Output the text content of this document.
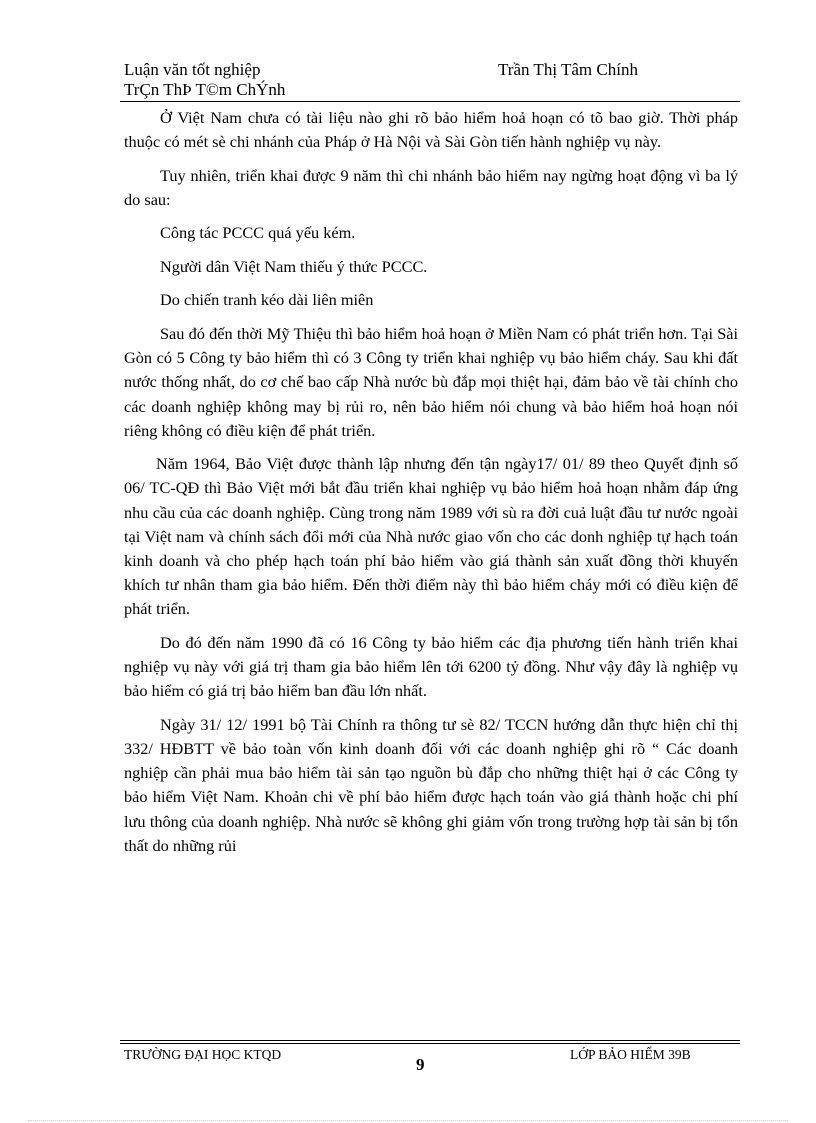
Luận văn tốt nghiệp	Trần Thị Tâm Chính
TrÇn ThÞ T©m ChÝnh

Ở Việt Nam chưa có tài liệu nào ghi rõ bảo hiểm hoả hoạn có tõ bao giờ. Thời pháp thuộc có mét sè chi nhánh của Pháp ở Hà Nội và Sài Gòn tiến hành nghiệp vụ này.

Tuy nhiên, triển khai được 9 năm thì chi nhánh bảo hiểm nay ngừng hoạt động vì ba lý do sau:

Công tác PCCC quá yếu kém.

Người dân Việt Nam thiếu ý thức PCCC.

Do chiến tranh kéo dài liên miên

Sau đó đến thời Mỹ Thiệu thì bảo hiểm hoả hoạn ở Miền Nam có phát triển hơn. Tại Sài Gòn có 5 Công ty bảo hiểm thì có 3 Công ty triển khai nghiệp vụ bảo hiểm cháy. Sau khi đất nước thống nhất, do cơ chế bao cấp Nhà nước bù đắp mọi thiệt hại, đảm bảo về tài chính cho các doanh nghiệp không may bị rủi ro, nên bảo hiểm nói chung và bảo hiểm hoả hoạn nói riêng không có điều kiện để phát triển.

Năm 1964, Bảo Việt được thành lập nhưng đến tận ngày17/ 01/ 89 theo Quyết định số 06/ TC-QĐ thì Bảo Việt mới bắt đầu triển khai nghiệp vụ bảo hiểm hoả hoạn nhằm đáp ứng nhu cầu của các doanh nghiệp. Cùng trong năm 1989 với sù ra đời cuả luật đầu tư nước ngoài tại Việt nam và chính sách đổi mới của Nhà nước giao vốn cho các donh nghiệp tự hạch toán kinh doanh và cho phép hạch toán phí bảo hiểm vào giá thành sản xuất đồng thời khuyến khích tư nhân tham gia bảo hiểm. Đến thời điểm này thì bảo hiểm cháy mới có điều kiện để phát triển.

Do đó đến năm 1990 đã có 16 Công ty bảo hiểm các địa phương tiến hành triển khai nghiệp vụ này với giá trị tham gia bảo hiểm lên tới 6200 tỷ đồng. Như vậy đây là nghiệp vụ bảo hiểm có giá trị bảo hiểm ban đầu lớn nhất.

Ngày 31/ 12/ 1991 bộ Tài Chính ra thông tư sè 82/ TCCN hướng dẫn thực hiện chỉ thị 332/ HĐBTT về bảo toàn vốn kinh doanh đối với các doanh nghiệp ghi rõ “ Các doanh nghiệp cần phải mua bảo hiểm tài sản tạo nguồn bù đắp cho những thiệt hại ở các Công ty bảo hiểm Việt Nam. Khoản chi về phí bảo hiểm được hạch toán vào giá thành hoặc chi phí lưu thông của doanh nghiệp. Nhà nước sẽ không ghi giảm vốn trong trường hợp tài sản bị tổn thất do những rủi

TRƯỜNG ĐẠI HỌC KTQD
9
LỚP BẢO HIỂM 39B
